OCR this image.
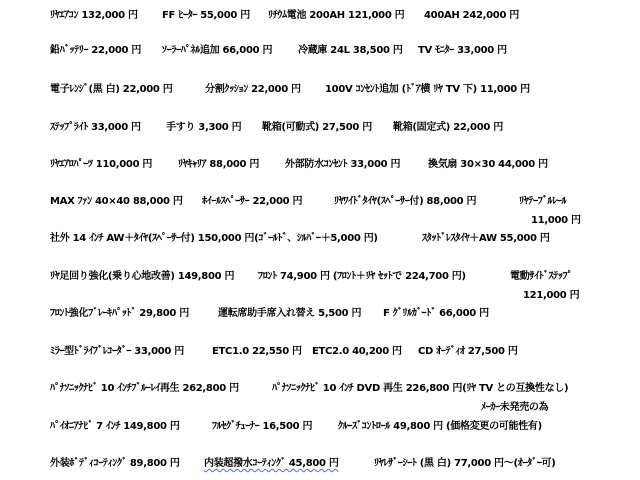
ﾘﾔｴｱｺﾝ 132,000 円 FF ﾋｰﾀｰ 55,000 円 ﾘﾁｳﾑ電池 200AH 121,000 円 400AH 242,000 円
鉛ﾊﾞｯﾃﾘｰ 22,000 円 ｿｰﾗｰﾊﾟﾈﾙ追加 66,000 円	冷蔵庫 24L 38,500 円 TV ﾓﾆﾀｰ 33,000 円
電子ﾚﾝｼﾞ(黒 白) 22,000 円	分割ｸｯｼｮﾝ 22,000 円 100V ｺﾝｾﾝﾄ追加 (ﾄﾞｱ横 ﾘﾔ TV 下) 11,000 円
ｽﾃｯﾌﾟﾗｲﾄ 33,000 円	手すり 3,300 円 靴箱(可動式) 27,500 円 靴箱(固定式) 22,000 円
ﾘﾔｴｱﾛﾊﾟｰﾂ 110,000 円	ﾘﾔｷｬﾘｱ 88,000 円	外部防水ｺﾝｾﾝﾄ 33,000 円	換気扇 30×30 44,000 円
MAX ﾌｧﾝ 40×40 88,000 円 ﾎｲｰﾙｽﾍﾟｰｻｰ 22,000 円	ﾘﾔﾜｲﾄﾞﾀｲﾔ(ｽﾍﾟｰｻｰ付) 88,000 円	ﾘﾔﾃｰﾌﾞﾙﾚｰﾙ
11,000 円
社外 14 ｲﾝﾁ AW＋ﾀｲﾔ(ｽﾍﾟｰｻｰ付) 150,000 円(ｺﾞｰﾙﾄﾞ、ｼﾙﾊﾞｰ＋5,000 円)	ｽﾀｯﾄﾞﾚｽﾀｲﾔ＋AW 55,000 円
ﾘﾔ足回り強化(乗り心地改善) 149,800 円 ﾌﾛﾝﾄ 74,900 円 (ﾌﾛﾝﾄ＋ﾘﾔ ｾｯﾄで 224,700 円)	電動ｻｲﾄﾞｽﾃｯﾌﾟ
121,000 円
ﾌﾛﾝﾄ強化ﾌﾞﾚｰｷﾊﾟｯﾄﾞ 29,800 円	運転席助手席入れ替え 5,500 円 F ｸﾞﾘﾙｶﾞｰﾄﾞ 66,000 円
ﾐﾗｰ型ﾄﾞﾗｲﾌﾞﾚｺｰﾀﾞｰ 33,000 円	ETC1.0 22,550 円 ETC2.0 40,200 円 CD ｵｰﾃﾞｨｵ 27,500 円
ﾊﾟﾅｿﾆｯｸﾅﾋﾞ 10 ｲﾝﾁﾌﾞﾙｰﾚｲ再生 262,800 円	ﾊﾟﾅｿﾆｯｸﾅﾋﾞ 10 ｲﾝﾁ DVD 再生 226,800 円(ﾘﾔ TV との互換性なし)
ﾒｰｶｰ未発売の為
ﾊﾟｲｵﾆｱﾅﾋﾞ 7 ｲﾝﾁ 149,800 円	ﾌﾙｾｸﾞﾁｭｰﾅｰ 16,500 円	ｸﾙｰｽﾞｺﾝﾄﾛｰﾙ 49,800 円 (価格変更の可能性有)
外装ﾎﾞﾃﾞｨｺｰﾃｨﾝｸﾞ 89,800 円 内装超撥水ｺｰﾃｨﾝｸﾞ 45,800 円	ﾘﾔﾚｻﾞｰｼｰﾄ (黒 白) 77,000 円～(ｵｰﾀﾞｰ可)
